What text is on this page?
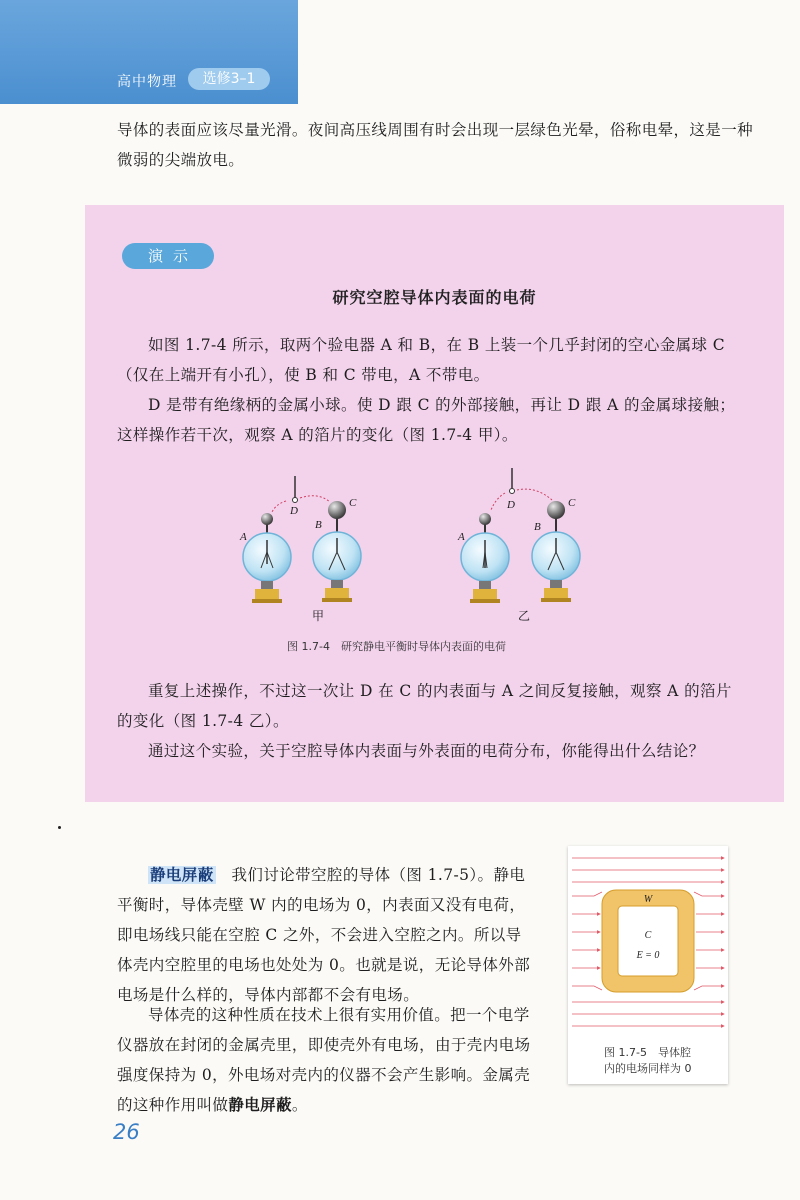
高中物理	选修3–1

导体的表面应该尽量光滑。夜间高压线周围有时会出现一层绿色光晕，俗称电晕，这是一种

微弱的尖端放电。

演示
研究空腔导体内表面的电荷

如图 1.7-4 所示，取两个验电器 A 和 B，在 B 上装一个几乎封闭的空心金属球 C（仅在上端开有小孔），使 B 和 C 带电，A 不带电。

D 是带有绝缘柄的金属小球。使 D 跟 C 的外部接触，再让 D 跟 A 的金属球接触；这样操作若干次，观察 A 的箔片的变化（图 1.7-4 甲）。

A
B
C
D
甲
A
B
C
D
乙
图 1.7-4　研究静电平衡时导体内表面的电荷

重复上述操作，不过这一次让 D 在 C 的内表面与 A 之间反复接触，观察 A 的箔片的变化（图 1.7-4 乙）。

通过这个实验，关于空腔导体内表面与外表面的电荷分布，你能得出什么结论？

静电屏蔽　 我们讨论带空腔的导体（图 1.7-5）。静电平衡时，导体壳壁 W 内的电场为 0，内表面又没有电荷，即电场线只能在空腔 C 之外，不会进入空腔之内。所以导体壳内空腔里的电场也处处为 0。也就是说，无论导体外部电场是什么样的，导体内部都不会有电场。

导体壳的这种性质在技术上很有实用价值。把一个电学仪器放在封闭的金属壳里，即使壳外有电场，由于壳内电场强度保持为 0，外电场对壳内的仪器不会产生影响。金属壳的这种作用叫做静电屏蔽。

W
C
E = 0
图 1.7-5　导体腔
内的电场同样为 0
26
